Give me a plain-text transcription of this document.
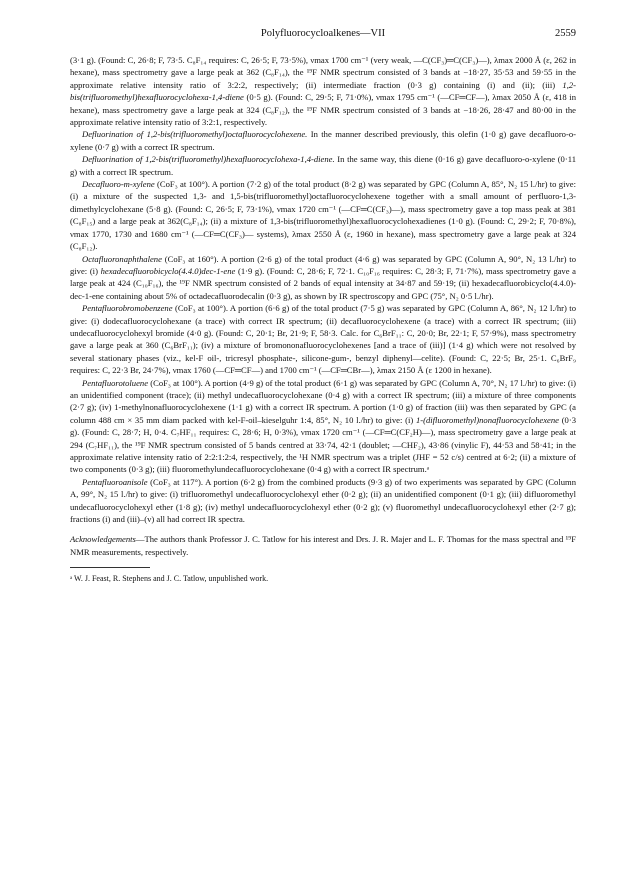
Polyfluorocycloalkenes—VII	2559

(3·1 g). (Found: C, 26·8; F, 73·5. C₈F₁₄ requires: C, 26·5; F, 73·5%), νmax 1700 cm⁻¹ (very weak, —C(CF₃)═C(CF₃)—), λmax 2000 Å (ε, 262 in hexane), mass spectrometry gave a large peak at 362 (C₈F₁₄), the ¹⁹F NMR spectrum consisted of 3 bands at −18·27, 35·53 and 59·55 in the approximate relative intensity ratio of 3:2:2, respectively; (ii) intermediate fraction (0·3 g) containing (i) and (ii); (iii) 1,2-bis(trifluoromethyl)hexafluorocyclohexa-1,4-diene (0·5 g). (Found: C, 29·5; F, 71·0%), νmax 1795 cm⁻¹ (—CF═CF—), λmax 2050 Å (ε, 418 in hexane), mass spectrometry gave a large peak at 324 (C₈F₁₂), the ¹⁹F NMR spectrum consisted of 3 bands at −18·26, 28·47 and 80·00 in the approximate relative intensity ratio of 3:2:1, respectively.

Defluorination of 1,2-bis(trifluoromethyl)octafluorocyclohexene. In the manner described previously, this olefin (1·0 g) gave decafluoro-o-xylene (0·7 g) with a correct IR spectrum.

Defluorination of 1,2-bis(trifluoromethyl)hexafluorocyclohexa-1,4-diene. In the same way, this diene (0·16 g) gave decafluoro-o-xylene (0·11 g) with a correct IR spectrum.

Decafluoro-m-xylene (CoF₃ at 100°). A portion (7·2 g) of the total product (8·2 g) was separated by GPC (Column A, 85°, N₂ 15 l./hr) to give: (i) a mixture of the suspected 1,3- and 1,5-bis(trifluoromethyl)octafluorocyclohexene together with a small amount of perfluoro-1,3-dimethylcyclohexane (5·8 g). (Found: C, 26·5; F, 73·1%), νmax 1720 cm⁻¹ (—CF═C(CF₃)—), mass spectrometry gave a top mass peak at 381 (C₈F₁₅) and a large peak at 362(C₈F₁₄); (ii) a mixture of 1,3-bis(trifluoromethyl)hexafluorocyclohexadienes (1·0 g). (Found: C, 29·2; F, 70·8%), νmax 1770, 1730 and 1680 cm⁻¹ (—CF═C(CF₃)— systems), λmax 2550 Å (ε, 1960 in hexane), mass spectrometry gave a large peak at 324 (C₈F₁₂).

Octafluoronaphthalene (CoF₃ at 160°). A portion (2·6 g) of the total product (4·6 g) was separated by GPC (Column A, 90°, N₂ 13 l./hr) to give: (i) hexadecafluorobicyclo(4.4.0)dec-1-ene (1·9 g). (Found: C, 28·6; F, 72·1. C₁₀F₁₆ requires: C, 28·3; F, 71·7%), mass spectrometry gave a large peak at 424 (C₁₀F₁₆), the ¹⁹F NMR spectrum consisted of 2 bands of equal intensity at 34·87 and 59·19; (ii) hexadecafluorobicyclo(4.4.0)-dec-1-ene containing about 5% of octadecafluorodecalin (0·3 g), as shown by IR spectroscopy and GPC (75°, N₂ 0·5 l./hr).

Pentafluorobromobenzene (CoF₃ at 100°). A portion (6·6 g) of the total product (7·5 g) was separated by GPC (Column A, 86°, N₂ 12 l./hr) to give: (i) dodecafluorocyclohexane (a trace) with correct IR spectrum; (ii) decafluorocyclohexene (a trace) with a correct IR spectrum; (iii) undecafluorocyclohexyl bromide (4·0 g). (Found: C, 20·1; Br, 21·9; F, 58·3. Calc. for C₆BrF₁₁: C, 20·0; Br, 22·1; F, 57·9%), mass spectrometry gave a large peak at 360 (C₆BrF₁₁); (iv) a mixture of bromononafluorocyclohexenes [and a trace of (iii)] (1·4 g) which were not resolved by several stationary phases (viz., kel-F oil-, tricresyl phosphate-, silicone-gum-, benzyl diphenyl—celite). (Found: C, 22·5; Br, 25·1. C₆BrF₉ requires: C, 22·3 Br, 24·7%), νmax 1760 (—CF═CF—) and 1700 cm⁻¹ (—CF═CBr—), λmax 2150 Å (ε 1200 in hexane).

Pentafluorotoluene (CoF₃ at 100°). A portion (4·9 g) of the total product (6·1 g) was separated by GPC (Column A, 70°, N₂ 17 l./hr) to give: (i) an unidentified component (trace); (ii) methyl undecafluorocyclohexane (0·4 g) with a correct IR spectrum; (iii) a mixture of three components (2·7 g); (iv) 1-methylnonafluorocyclohexene (1·1 g) with a correct IR spectrum. A portion (1·0 g) of fraction (iii) was then separated by GPC (a column 488 cm × 35 mm diam packed with kel-F-oil–kieselguhr 1:4, 85°, N₂ 10 l./hr) to give: (i) 1-(difluoromethyl)nonafluorocyclohexene (0·3 g). (Found: C, 28·7; H, 0·4. C₇HF₁₁ requires: C, 28·6; H, 0·3%), νmax 1720 cm⁻¹ (—CF═C(CF₂H)—), mass spectrometry gave a large peak at 294 (C₇HF₁₁), the ¹⁹F NMR spectrum consisted of 5 bands centred at 33·74, 42·1 (doublet; —CHF₂), 43·86 (vinylic F), 44·53 and 58·41; in the approximate relative intensity ratio of 2:2:1:2:4, respectively, the ¹H NMR spectrum was a triplet (JHF = 52 c/s) centred at 6·2; (ii) a mixture of two components (0·3 g); (iii) fluoromethylundecafluorocyclohexane (0·4 g) with a correct IR spectrum.ᵃ

Pentafluoroanisole (CoF₃ at 117°). A portion (6·2 g) from the combined products (9·3 g) of two experiments was separated by GPC (Column A, 99°, N₂ 15 l./hr) to give: (i) trifluoromethyl undecafluorocyclohexyl ether (0·2 g); (ii) an unidentified component (0·1 g); (iii) difluoromethyl undecafluorocyclohexyl ether (1·8 g); (iv) methyl undecafluorocyclohexyl ether (0·2 g); (v) fluoromethyl undecafluorocyclohexyl ether (2·7 g); fractions (i) and (iii)–(v) all had correct IR spectra.

Acknowledgements—The authors thank Professor J. C. Tatlow for his interest and Drs. J. R. Majer and L. F. Thomas for the mass spectral and ¹⁹F NMR measurements, respectively.
ᵃ W. J. Feast, R. Stephens and J. C. Tatlow, unpublished work.
